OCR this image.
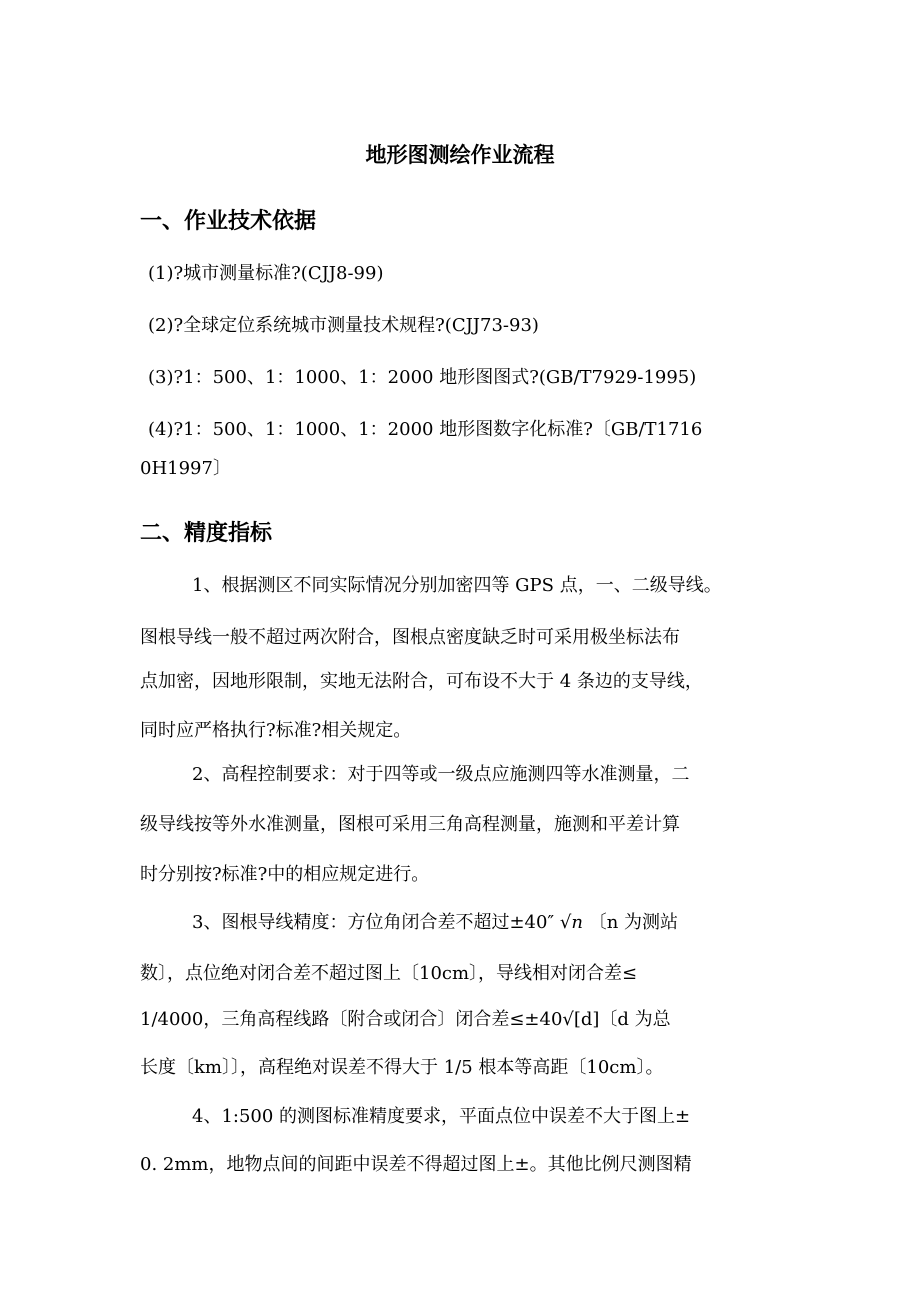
地形图测绘作业流程
一、作业技术依据
(1)?城市测量标准?(CJJ8-99)
(2)?全球定位系统城市测量技术规程?(CJJ73-93)
(3)?1：500、1：1000、1：2000 地形图图式?(GB/T7929-1995)
(4)?1：500、1：1000、1：2000 地形图数字化标准?〔GB/T1716
0H1997〕
二、精度指标
1、根据测区不同实际情况分别加密四等 GPS 点，一、二级导线。
图根导线一般不超过两次附合，图根点密度缺乏时可采用极坐标法布
点加密，因地形限制，实地无法附合，可布设不大于 4 条边的支导线，
同时应严格执行?标准?相关规定。
2、高程控制要求：对于四等或一级点应施测四等水准测量，二
级导线按等外水准测量，图根可采用三角高程测量，施测和平差计算
时分别按?标准?中的相应规定进行。
3、图根导线精度：方位角闭合差不超过±40″ √n 〔n 为测站
数〕，点位绝对闭合差不超过图上〔10cm〕，导线相对闭合差≤
1/4000，三角高程线路〔附合或闭合〕闭合差≤±40√[d]〔d 为总
长度〔km〕〕，高程绝对误差不得大于 1/5 根本等高距〔10cm〕。
4、1:500 的测图标准精度要求，平面点位中误差不大于图上±
0. 2mm，地物点间的间距中误差不得超过图上±。其他比例尺测图精
